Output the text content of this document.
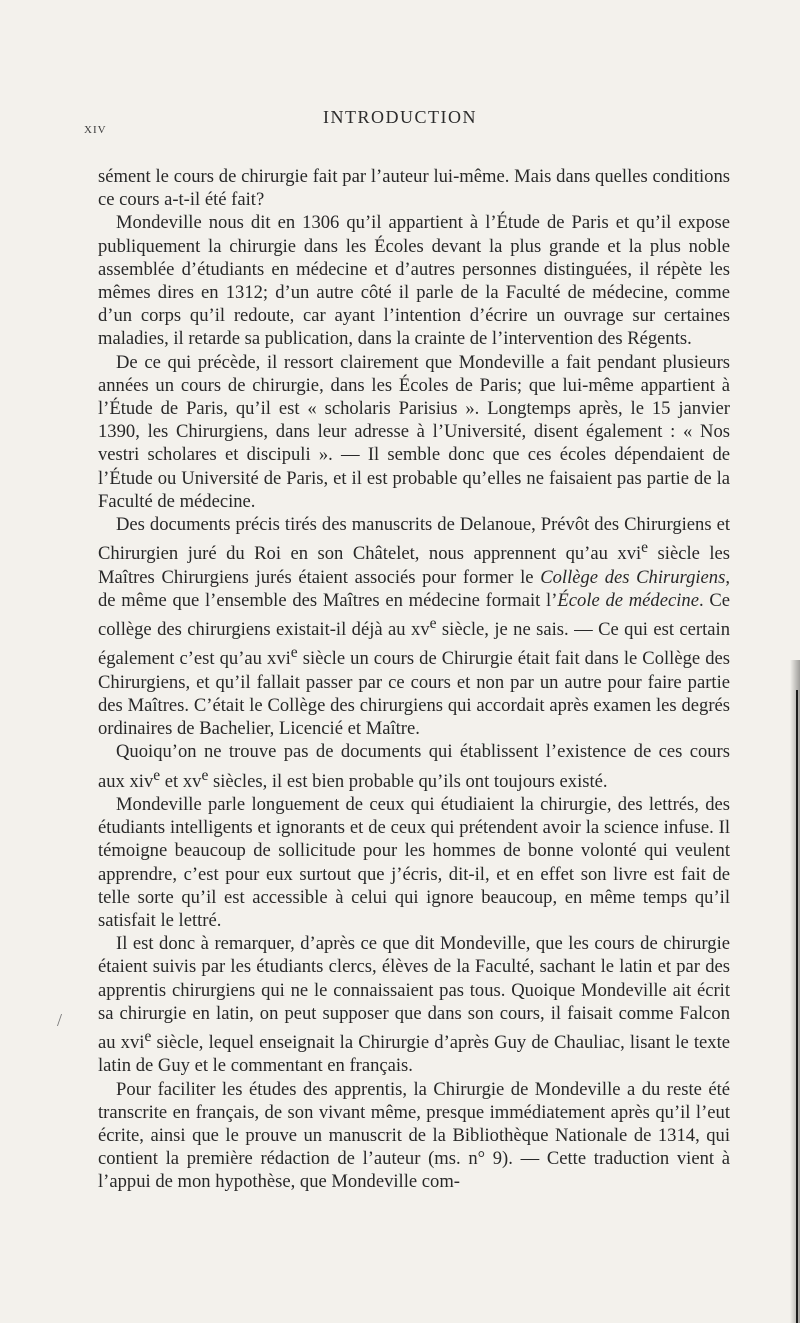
XIV
INTRODUCTION

sément le cours de chirurgie fait par l’auteur lui-même. Mais dans quelles conditions ce cours a-t-il été fait?

Mondeville nous dit en 1306 qu’il appartient à l’Étude de Paris et qu’il expose publiquement la chirurgie dans les Écoles devant la plus grande et la plus noble assemblée d’étudiants en médecine et d’autres personnes distinguées, il répète les mêmes dires en 1312; d’un autre côté il parle de la Faculté de médecine, comme d’un corps qu’il redoute, car ayant l’intention d’écrire un ouvrage sur certaines maladies, il retarde sa publication, dans la crainte de l’intervention des Régents.

De ce qui précède, il ressort clairement que Mondeville a fait pendant plusieurs années un cours de chirurgie, dans les Écoles de Paris; que lui-même appartient à l’Étude de Paris, qu’il est « scholaris Parisius ». Longtemps après, le 15 janvier 1390, les Chirurgiens, dans leur adresse à l’Université, disent également : « Nos vestri scholares et discipuli ». — Il semble donc que ces écoles dépendaient de l’Étude ou Université de Paris, et il est probable qu’elles ne faisaient pas partie de la Faculté de médecine.

Des documents précis tirés des manuscrits de Delanoue, Prévôt des Chirurgiens et Chirurgien juré du Roi en son Châtelet, nous apprennent qu’au xvi$^e$ siècle les Maîtres Chirurgiens jurés étaient associés pour former le Collège des Chirurgiens, de même que l’ensemble des Maîtres en médecine formait l’École de médecine. Ce collège des chirurgiens existait-il déjà au $xv^e$ siècle, je ne sais. — Ce qui est certain également c’est qu’au xvi$^e$ siècle un cours de Chirurgie était fait dans le Collège des Chirurgiens, et qu’il fallait passer par ce cours et non par un autre pour faire partie des Maîtres. C’était le Collège des chirurgiens qui accordait après examen les degrés ordinaires de Bachelier, Licencié et Maître.

Quoiqu’on ne trouve pas de documents qui établissent l’existence de ces cours aux xiv$^e$ et $xv^e$ siècles, il est bien probable qu’ils ont toujours existé.

Mondeville parle longuement de ceux qui étudiaient la chirurgie, des lettrés, des étudiants intelligents et ignorants et de ceux qui prétendent avoir la science infuse. Il témoigne beaucoup de sollicitude pour les hommes de bonne volonté qui veulent apprendre, c’est pour eux surtout que j’écris, dit-il, et en effet son livre est fait de telle sorte qu’il est accessible à celui qui ignore beaucoup, en même temps qu’il satisfait le lettré.

Il est donc à remarquer, d’après ce que dit Mondeville, que les cours de chirurgie étaient suivis par les étudiants clercs, élèves de la Faculté, sachant le latin et par des apprentis chirurgiens qui ne le connaissaient pas tous. Quoique Mondeville ait écrit sa chirurgie en latin, on peut supposer que dans son cours, il faisait comme Falcon au xvi$^e$ siècle, lequel enseignait la Chirurgie d’après Guy de Chauliac, lisant le texte latin de Guy et le commentant en français.

Pour faciliter les études des apprentis, la Chirurgie de Mondeville a du reste été transcrite en français, de son vivant même, presque immédiatement après qu’il l’eut écrite, ainsi que le prouve un manuscrit de la Bibliothèque Nationale de 1314, qui contient la première rédaction de l’auteur (ms. n° 9). — Cette traduction vient à l’appui de mon hypothèse, que Mondeville com-

/
